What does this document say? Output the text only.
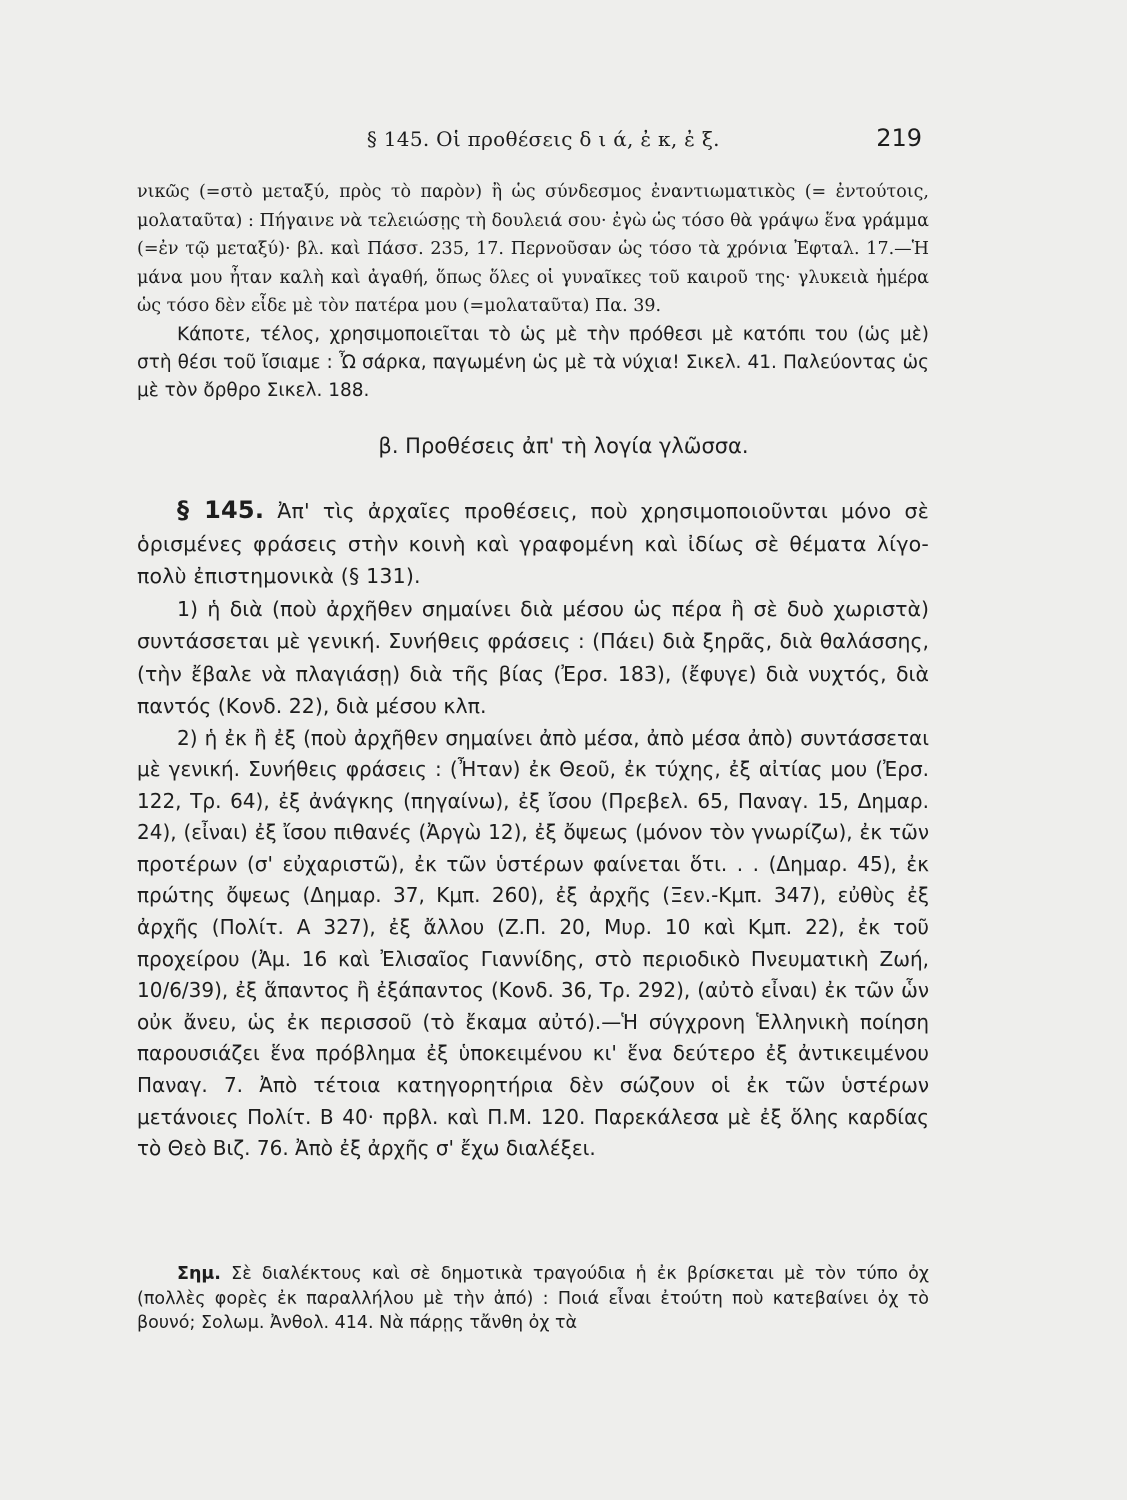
§ 145. Οἱ προθέσεις δ ι ά, ἐ κ, ἐ ξ.	219

νικῶς (=στὸ μεταξύ, πρὸς τὸ παρὸν) ἢ ὡς σύνδεσμος ἐναντιωματικὸς (= ἐντούτοις, μολαταῦτα) : Πήγαινε νὰ τελειώσῃς τὴ δουλειά σου· ἐγὼ ὡς τόσο θὰ γράψω ἕνα γράμμα (=ἐν τῷ μεταξύ)· βλ. καὶ Πάσσ. 235, 17. Περνοῦσαν ὡς τόσο τὰ χρόνια Ἐφταλ. 17.—Ἡ μάνα μου ἦταν καλὴ καὶ ἀγαθή, ὅπως ὅλες οἱ γυναῖκες τοῦ καιροῦ της· γλυκειὰ ἡμέρα ὡς τόσο δὲν εἶδε μὲ τὸν πατέρα μου (=μολαταῦτα) Πα. 39.

Κάποτε, τέλος, χρησιμοποιεῖται τὸ ὡς μὲ τὴν πρόθεσι μὲ κατόπι του (ὡς μὲ) στὴ θέσι τοῦ ἴσιαμε : Ὦ σάρκα, παγωμένη ὡς μὲ τὰ νύχια! Σικελ. 41. Παλεύοντας ὡς μὲ τὸν ὄρθρο Σικελ. 188.

β. Προθέσεις ἀπ' τὴ λογία γλῶσσα.

§ 145. Ἀπ' τὶς ἀρχαῖες προθέσεις, ποὺ χρησιμοποιοῦνται μόνο σὲ ὁρισμένες φράσεις στὴν κοινὴ καὶ γραφομένη καὶ ἰδίως σὲ θέματα λίγο-πολὺ ἐπιστημονικὰ (§ 131).

1) ἡ διὰ (ποὺ ἀρχῆθεν σημαίνει διὰ μέσου ὡς πέρα ἢ σὲ δυὸ χωριστὰ) συντάσσεται μὲ γενική. Συνήθεις φράσεις : (Πάει) διὰ ξηρᾶς, διὰ θαλάσσης, (τὴν ἔβαλε νὰ πλαγιάσῃ) διὰ τῆς βίας (Ἐρσ. 183), (ἔφυγε) διὰ νυχτός, διὰ παντός (Κονδ. 22), διὰ μέσου κλπ.

2) ἡ ἐκ ἢ ἐξ (ποὺ ἀρχῆθεν σημαίνει ἀπὸ μέσα, ἀπὸ μέσα ἀπὸ) συντάσσεται μὲ γενική. Συνήθεις φράσεις : (Ἦταν) ἐκ Θεοῦ, ἐκ τύχης, ἐξ αἰτίας μου (Ἐρσ. 122, Τρ. 64), ἐξ ἀνάγκης (πηγαίνω), ἐξ ἴσου (Πρεβελ. 65, Παναγ. 15, Δημαρ. 24), (εἶναι) ἐξ ἴσου πιθανές (Ἀργὼ 12), ἐξ ὄψεως (μόνον τὸν γνωρίζω), ἐκ τῶν προτέρων (σ' εὐχαριστῶ), ἐκ τῶν ὑστέρων φαίνεται ὅτι. . . (Δημαρ. 45), ἐκ πρώτης ὄψεως (Δημαρ. 37, Κμπ. 260), ἐξ ἀρχῆς (Ξεν.-Κμπ. 347), εὐθὺς ἐξ ἀρχῆς (Πολίτ. Α 327), ἐξ ἄλλου (Ζ.Π. 20, Μυρ. 10 καὶ Κμπ. 22), ἐκ τοῦ προχείρου (Ἀμ. 16 καὶ Ἐλισαῖος Γιαννίδης, στὸ περιοδικὸ Πνευματικὴ Ζωή, 10/6/39), ἐξ ἅπαντος ἢ ἐξάπαντος (Κονδ. 36, Τρ. 292), (αὐτὸ εἶναι) ἐκ τῶν ὧν οὐκ ἄνευ, ὡς ἐκ περισσοῦ (τὸ ἔκαμα αὐτό).—Ἡ σύγχρονη Ἑλληνικὴ ποίηση παρουσιάζει ἕνα πρόβλημα ἐξ ὑποκειμένου κι' ἕνα δεύτερο ἐξ ἀντικειμένου Παναγ. 7. Ἀπὸ τέτοια κατηγορητήρια δὲν σώζουν οἱ ἐκ τῶν ὑστέρων μετάνοιες Πολίτ. Β 40· πρβλ. καὶ Π.Μ. 120. Παρεκάλεσα μὲ ἐξ ὅλης καρδίας τὸ Θεὸ Βιζ. 76. Ἀπὸ ἐξ ἀρχῆς σ' ἔχω διαλέξει.

Σημ. Σὲ διαλέκτους καὶ σὲ δημοτικὰ τραγούδια ἡ ἐκ βρίσκεται μὲ τὸν τύπο ὀχ (πολλὲς φορὲς ἐκ παραλλήλου μὲ τὴν ἀπό) : Ποιά εἶναι ἐτούτη ποὺ κατεβαίνει ὀχ τὸ βουνό; Σολωμ. Ἀνθολ. 414. Νὰ πάρῃς τἄνθη ὀχ τὰ
